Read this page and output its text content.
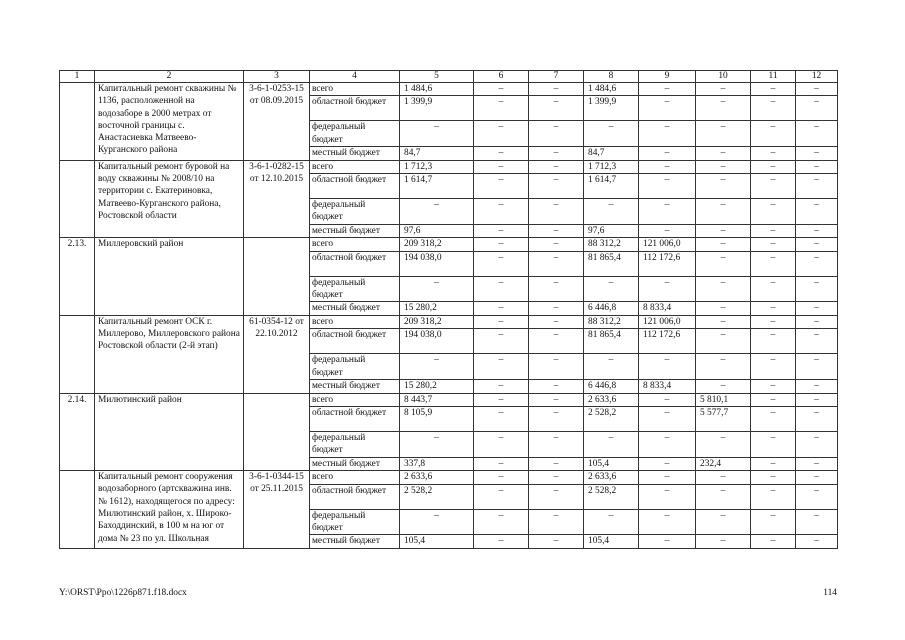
1	2	3	4	5	6	7	8	9	10	11	12
	Капитальный ремонт скважины № 1136, расположенной на водозаборе в 2000 метрах от восточной границы с. Анастасиевка Матвеево-Курганского района	3-6-1-0253-15 от 08.09.2015	всего	1 484,6	–	–	1 484,6	–	–	–	–
			областной бюджет	1 399,9	–	–	1 399,9	–	–	–	–
			федеральный бюджет	–	–	–	–	–	–	–	–
			местный бюджет	84,7	–	–	84,7	–	–	–	–
	Капитальный ремонт буровой на воду скважины № 2008/10 на территории с. Екатериновка, Матвеево-Курганского района, Ростовской области	3-6-1-0282-15 от 12.10.2015	всего	1 712,3	–	–	1 712,3	–	–	–	–
			областной бюджет	1 614,7	–	–	1 614,7	–	–	–	–
			федеральный бюджет	–	–	–	–	–	–	–	–
			местный бюджет	97,6	–	–	97,6	–	–	–	–
2.13.	Миллеровский район		всего	209 318,2	–	–	88 312,2	121 006,0	–	–	–
			областной бюджет	194 038,0	–	–	81 865,4	112 172,6	–	–	–
			федеральный бюджет	–	–	–	–	–	–	–	–
			местный бюджет	15 280,2	–	–	6 446,8	8 833,4	–	–	–
	Капитальный ремонт ОСК г. Миллерово, Миллеровского района Ростовской области (2-й этап)	61-0354-12 от 22.10.2012	всего	209 318,2	–	–	88 312,2	121 006,0	–	–	–
			областной бюджет	194 038,0	–	–	81 865,4	112 172,6	–	–	–
			федеральный бюджет	–	–	–	–	–	–	–	–
			местный бюджет	15 280,2	–	–	6 446,8	8 833,4	–	–	–
2.14.	Милютинский район		всего	8 443,7	–	–	2 633,6	–	5 810,1	–	–
			областной бюджет	8 105,9	–	–	2 528,2	–	5 577,7	–	–
			федеральный бюджет	–	–	–	–	–	–	–	–
			местный бюджет	337,8	–	–	105,4	–	232,4	–	–
	Капитальный ремонт сооружения водозаборного (артскважина инв. № 1612), находящегося по адресу: Милютинский район, х. Широко-Баходдинский, в 100 м на юг от дома № 23 по ул. Школьная	3-6-1-0344-15 от 25.11.2015	всего	2 633,6	–	–	2 633,6	–	–	–	–
			областной бюджет	2 528,2	–	–	2 528,2	–	–	–	–
			федеральный бюджет	–	–	–	–	–	–	–	–
			местный бюджет	105,4	–	–	105,4	–	–	–	–
Y:\ORST\Ppo\1226p871.f18.docx	114
